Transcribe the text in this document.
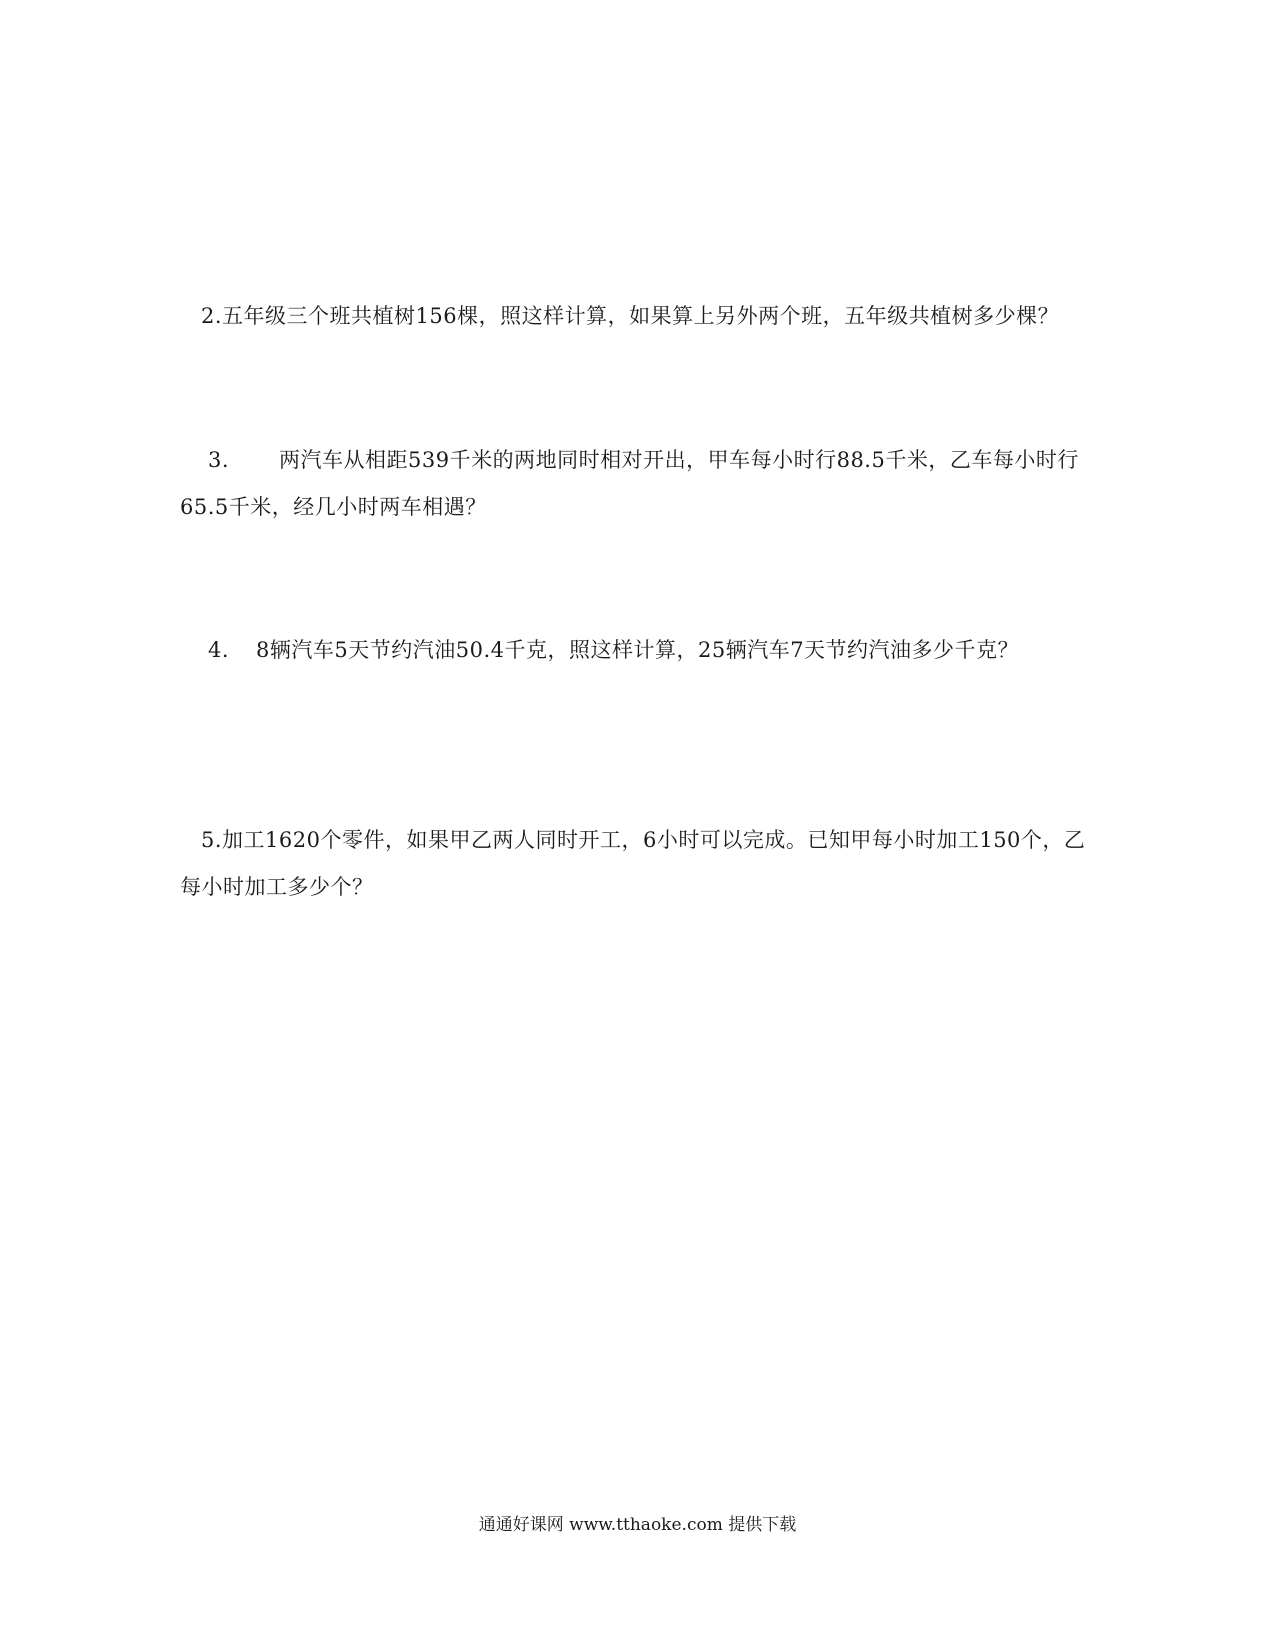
2.五年级三个班共植树156棵，照这样计算，如果算上另外两个班，五年级共植树多少棵？
3. 两汽车从相距539千米的两地同时相对开出，甲车每小时行88.5千米，乙车每小时行
65.5千米，经几小时两车相遇？
4. 8辆汽车5天节约汽油50.4千克，照这样计算，25辆汽车7天节约汽油多少千克？
5.加工1620个零件，如果甲乙两人同时开工，6小时可以完成。已知甲每小时加工150个，乙
每小时加工多少个？
通通好课网 www.tthaoke.com 提供下载
